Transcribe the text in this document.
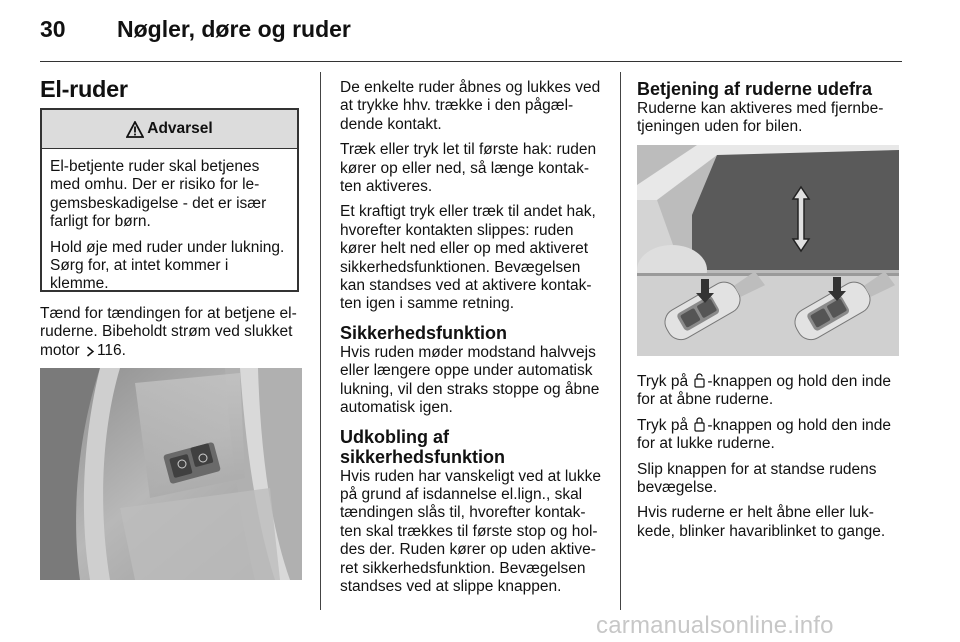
30 Nøgler, døre og ruder
El-ruder
Advarsel

El-betjente ruder skal betjenes med omhu. Der er risiko for le-gemsbeskadigelse - det er især farligt for børn.

Hold øje med ruder under lukning. Sørg for, at intet kommer i klemme.

Tænd for tændingen for at betjene el-ruderne. Bibeholdt strøm ved slukket motor 116.

De enkelte ruder åbnes og lukkes ved at trykke hhv. trække i den pågæl-dende kontakt.

Træk eller tryk let til første hak: ruden kører op eller ned, så længe kontak-ten aktiveres.

Et kraftigt tryk eller træk til andet hak, hvorefter kontakten slippes: ruden kører helt ned eller op med aktiveret sikkerhedsfunktionen. Bevægelsen kan standses ved at aktivere kontak-ten igen i samme retning.

Sikkerhedsfunktion

Hvis ruden møder modstand halvvejs eller længere oppe under automatisk lukning, vil den straks stoppe og åbne automatisk igen.

Udkobling af sikkerhedsfunktion

Hvis ruden har vanskeligt ved at lukke på grund af isdannelse el.lign., skal tændingen slås til, hvorefter kontak-ten skal trækkes til første stop og hol-des der. Ruden kører op uden aktive-ret sikkerhedsfunktion. Bevægelsen standses ved at slippe knappen.

Betjening af ruderne udefra

Ruderne kan aktiveres med fjernbe-tjeningen uden for bilen.

Tryk på -knappen og hold den inde for at åbne ruderne.

Tryk på -knappen og hold den inde for at lukke ruderne.

Slip knappen for at standse rudens bevægelse.

Hvis ruderne er helt åbne eller luk-kede, blinker havariblinket to gange.

carmanualsonline.info
